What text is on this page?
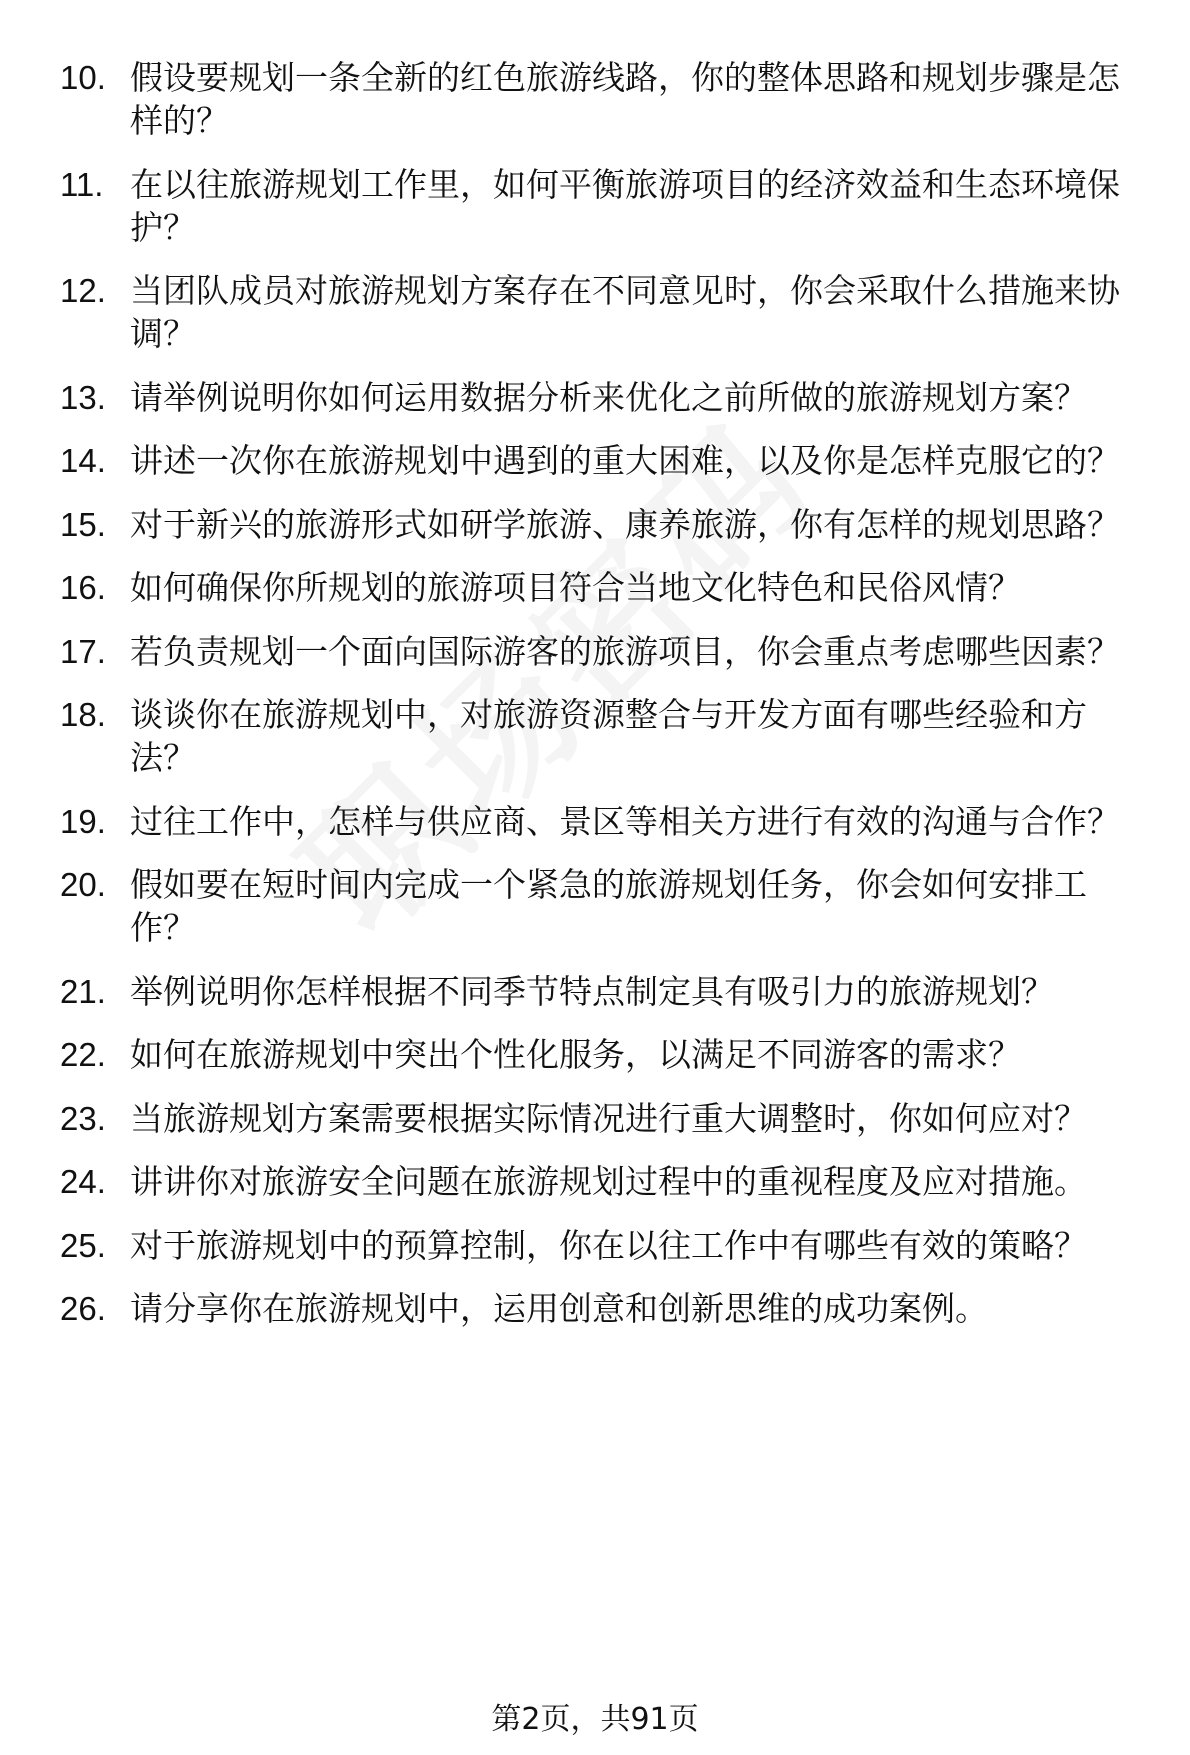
10. 假设要规划一条全新的红色旅游线路，你的整体思路和规划步骤是怎样的？
11. 在以往旅游规划工作里，如何平衡旅游项目的经济效益和生态环境保护？
12. 当团队成员对旅游规划方案存在不同意见时，你会采取什么措施来协调？
13. 请举例说明你如何运用数据分析来优化之前所做的旅游规划方案？
14. 讲述一次你在旅游规划中遇到的重大困难，以及你是怎样克服它的？
15. 对于新兴的旅游形式如研学旅游、康养旅游，你有怎样的规划思路？
16. 如何确保你所规划的旅游项目符合当地文化特色和民俗风情？
17. 若负责规划一个面向国际游客的旅游项目，你会重点考虑哪些因素？
18. 谈谈你在旅游规划中，对旅游资源整合与开发方面有哪些经验和方法？
19. 过往工作中，怎样与供应商、景区等相关方进行有效的沟通与合作？
20. 假如要在短时间内完成一个紧急的旅游规划任务，你会如何安排工作？
21. 举例说明你怎样根据不同季节特点制定具有吸引力的旅游规划？
22. 如何在旅游规划中突出个性化服务，以满足不同游客的需求？
23. 当旅游规划方案需要根据实际情况进行重大调整时，你如何应对？
24. 讲讲你对旅游安全问题在旅游规划过程中的重视程度及应对措施。
25. 对于旅游规划中的预算控制，你在以往工作中有哪些有效的策略？
26. 请分享你在旅游规划中，运用创意和创新思维的成功案例。
第2页，共91页
